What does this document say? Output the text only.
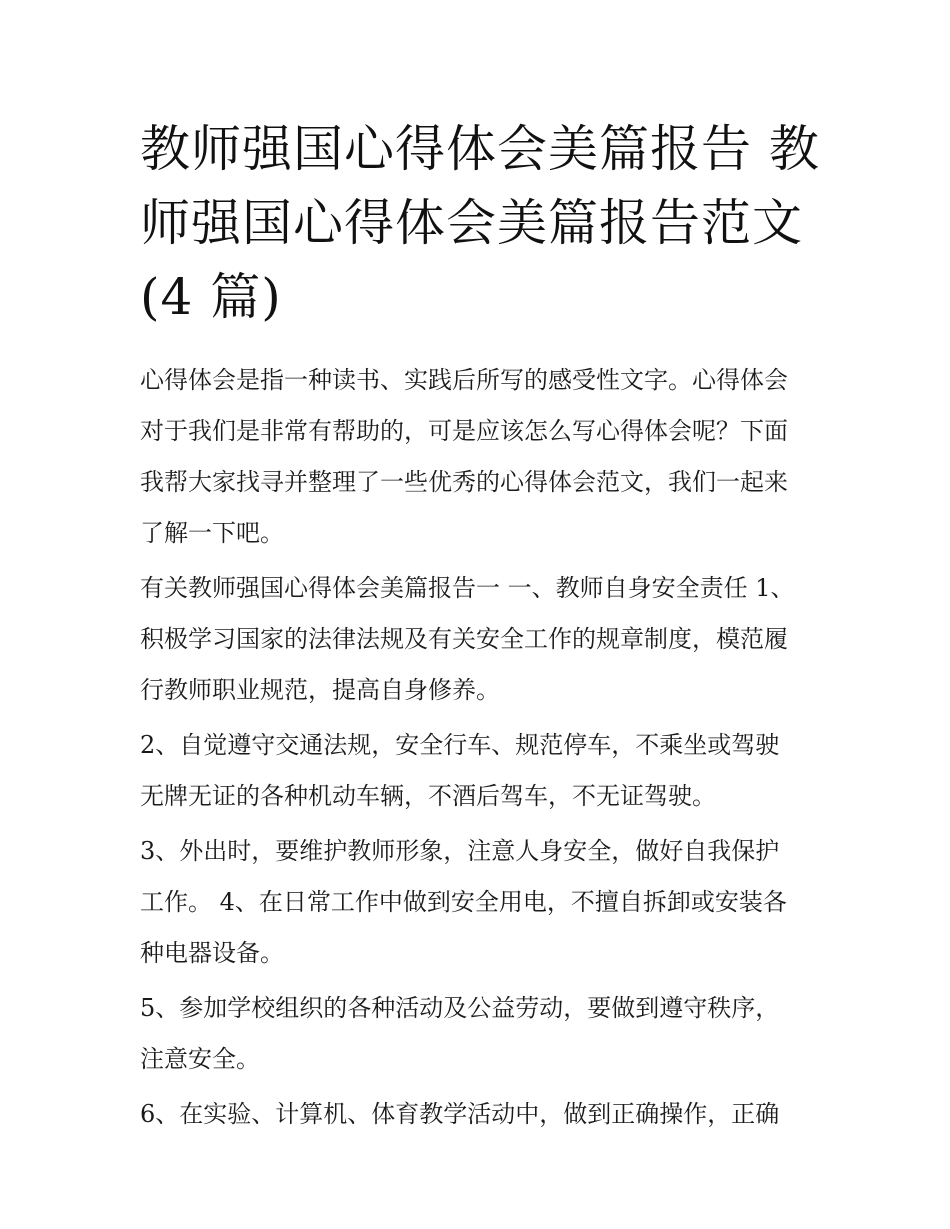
教师强国心得体会美篇报告 教
师强国心得体会美篇报告范文
(4 篇)

心得体会是指一种读书、实践后所写的感受性文字。心得体会
对于我们是非常有帮助的，可是应该怎么写心得体会呢？下面
我帮大家找寻并整理了一些优秀的心得体会范文，我们一起来
了解一下吧。

有关教师强国心得体会美篇报告一 一、教师自身安全责任 1、
积极学习国家的法律法规及有关安全工作的规章制度，模范履
行教师职业规范，提高自身修养。

2、自觉遵守交通法规，安全行车、规范停车，不乘坐或驾驶
无牌无证的各种机动车辆，不酒后驾车，不无证驾驶。

3、外出时，要维护教师形象，注意人身安全，做好自我保护
工作。 4、在日常工作中做到安全用电，不擅自拆卸或安装各
种电器设备。

5、参加学校组织的各种活动及公益劳动，要做到遵守秩序，
注意安全。

6、在实验、计算机、体育教学活动中，做到正确操作，正确
